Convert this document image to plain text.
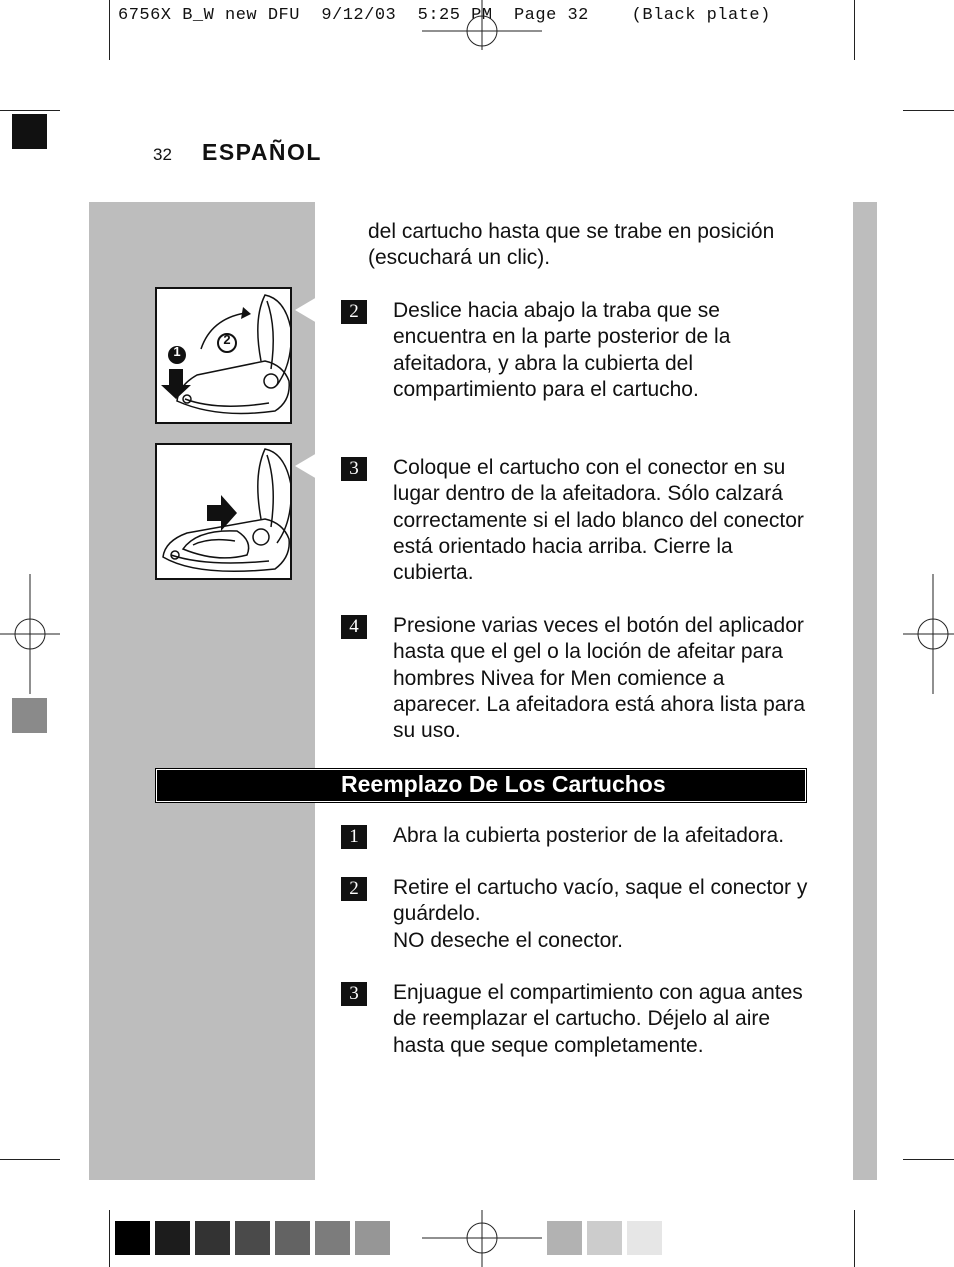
6756X B_W new DFU  9/12/03  5:25 PM  Page 32    (Black plate)
32 ESPAÑOL
del cartucho hasta que se trabe en posición (escuchará un clic).
1
2
2	Deslice hacia abajo la traba que se encuentra en la parte posterior de la afeitadora, y abra la cubierta del compartimiento para el cartucho.
3	Coloque el cartucho con el conector en su lugar dentro de la afeitadora. Sólo calzará correctamente si el lado blanco del conector está orientado hacia arriba. Cierre la cubierta.
4	Presione varias veces el botón del aplicador hasta que el gel o la loción de afeitar para hombres Nivea for Men comience a aparecer. La afeitadora está ahora lista para su uso.
Reemplazo De Los Cartuchos
1	Abra la cubierta posterior de la afeitadora.
2	Retire el cartucho vacío, saque el conector y guárdelo.
NO deseche el conector.
3	Enjuague el compartimiento con agua antes de reemplazar el cartucho. Déjelo al aire hasta que seque completamente.
